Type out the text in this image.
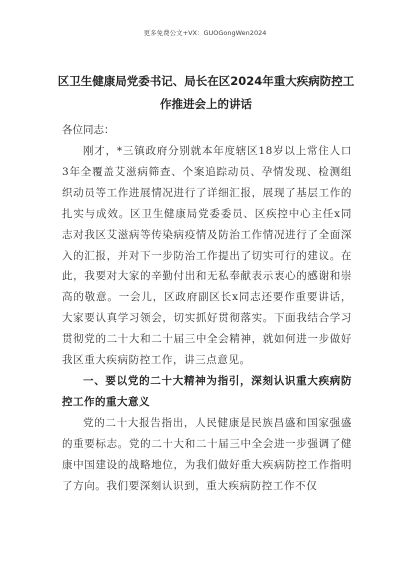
更多免费公文+VX：GUOGongWen2024
区卫生健康局党委书记、局长在区2024年重大疾病防控工作推进会上的讲话
各位同志：

刚才，*三镇政府分别就本年度辖区18岁以上常住人口3年全覆盖艾滋病筛查、个案追踪动员、孕情发现、检测组织动员等工作进展情况进行了详细汇报，展现了基层工作的扎实与成效。区卫生健康局党委委员、区疾控中心主任x同志对我区艾滋病等传染病疫情及防治工作情况进行了全面深入的汇报，并对下一步防治工作提出了切实可行的建议。在此，我要对大家的辛勤付出和无私奉献表示衷心的感谢和崇高的敬意。一会儿，区政府副区长x同志还要作重要讲话，大家要认真学习领会，切实抓好贯彻落实。下面我结合学习贯彻党的二十大和二十届三中全会精神，就如何进一步做好我区重大疾病防控工作，讲三点意见。

一、要以党的二十大精神为指引，深刻认识重大疾病防控工作的重大意义

党的二十大报告指出，人民健康是民族昌盛和国家强盛的重要标志。党的二十大和二十届三中全会进一步强调了健康中国建设的战略地位，为我们做好重大疾病防控工作指明了方向。我们要深刻认识到，重大疾病防控工作不仅
